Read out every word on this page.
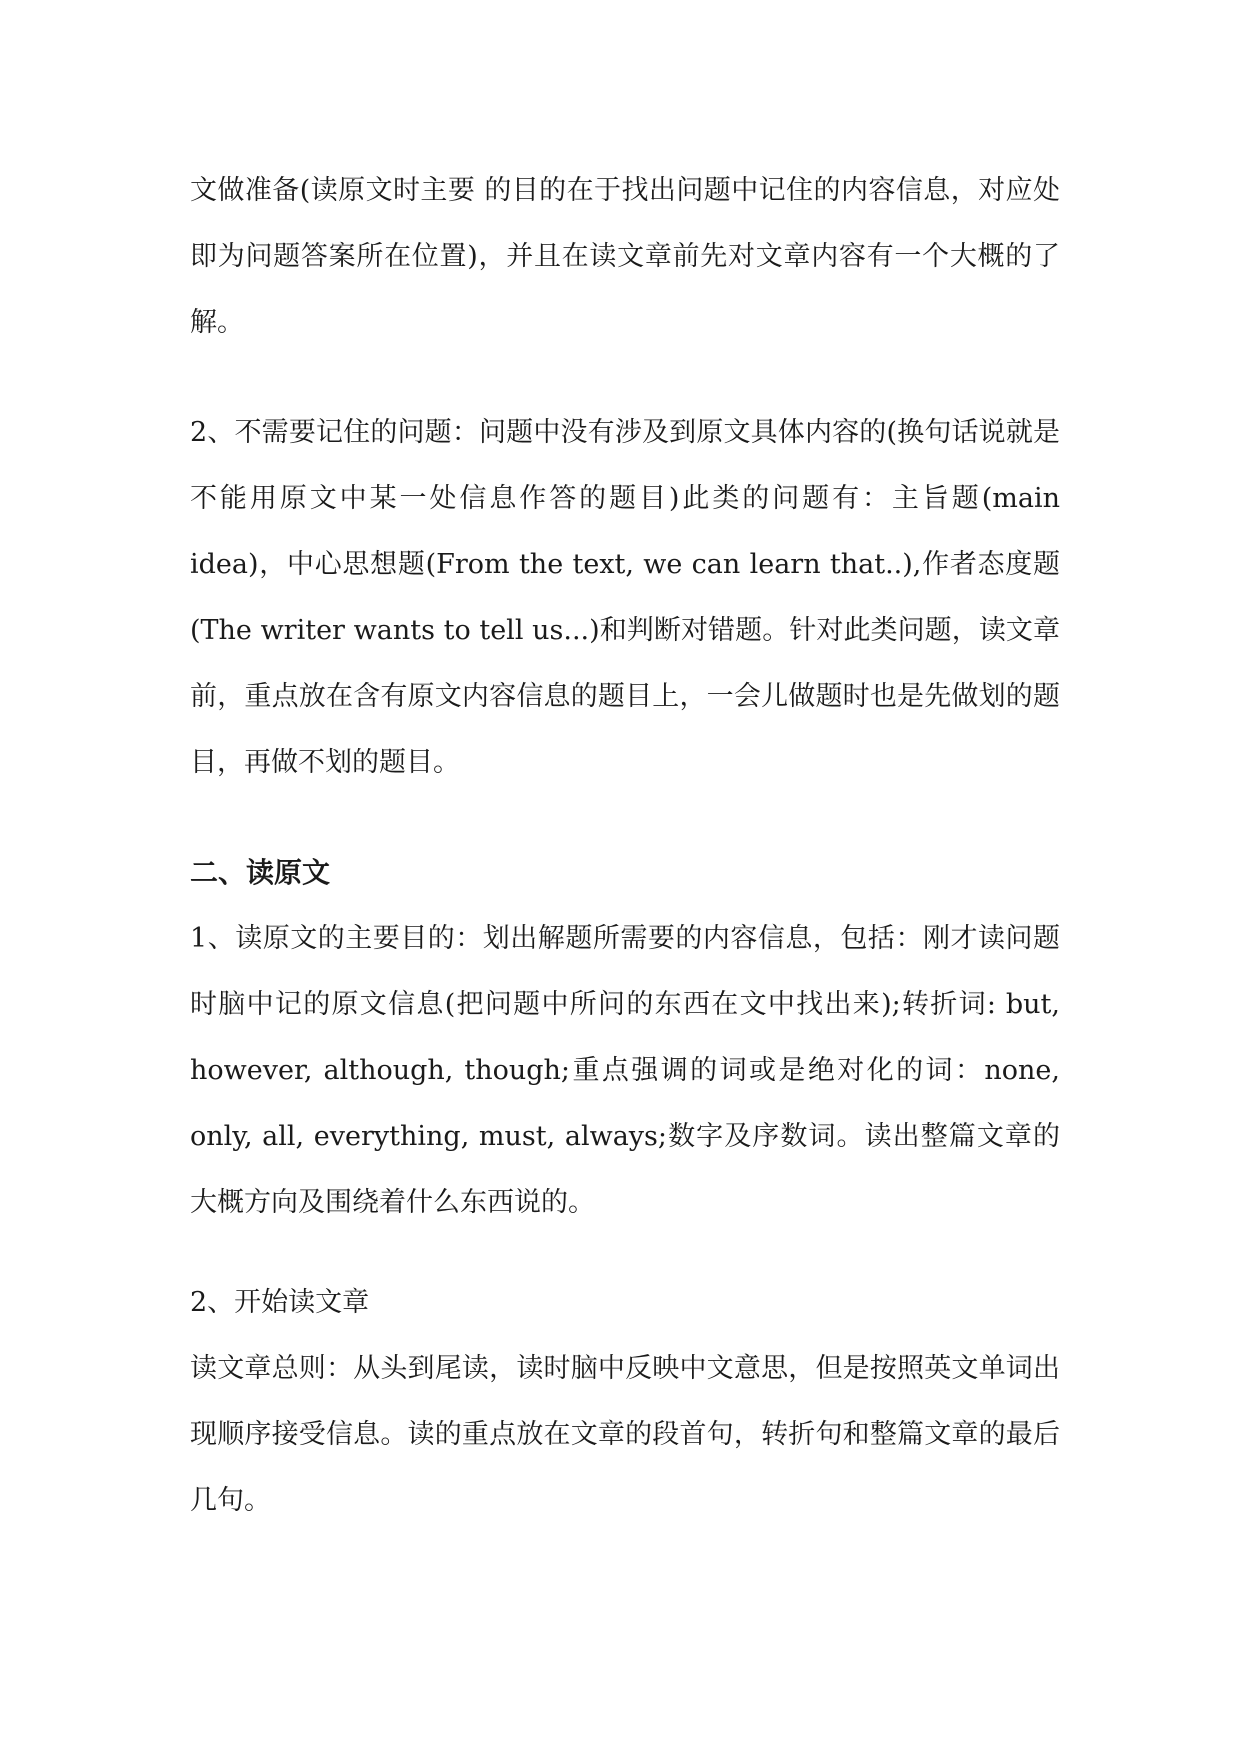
文做准备(读原文时主要 的目的在于找出问题中记住的内容信息，对应处即为问题答案所在位置)，并且在读文章前先对文章内容有一个大概的了解。

2、不需要记住的问题：问题中没有涉及到原文具体内容的(换句话说就是不能用原文中某一处信息作答的题目)此类的问题有：主旨题(main idea)，中心思想题(From the text, we can learn that..),作者态度题(The writer wants to tell us...)和判断对错题。针对此类问题，读文章前，重点放在含有原文内容信息的题目上，一会儿做题时也是先做划的题目，再做不划的题目。

二、读原文

1、读原文的主要目的：划出解题所需要的内容信息，包括：刚才读问题时脑中记的原文信息(把问题中所问的东西在文中找出来);转折词: but, however, although, though;重点强调的词或是绝对化的词：none, only, all, everything, must, always;数字及序数词。读出整篇文章的大概方向及围绕着什么东西说的。

2、开始读文章

读文章总则：从头到尾读，读时脑中反映中文意思，但是按照英文单词出现顺序接受信息。读的重点放在文章的段首句，转折句和整篇文章的最后几句。
